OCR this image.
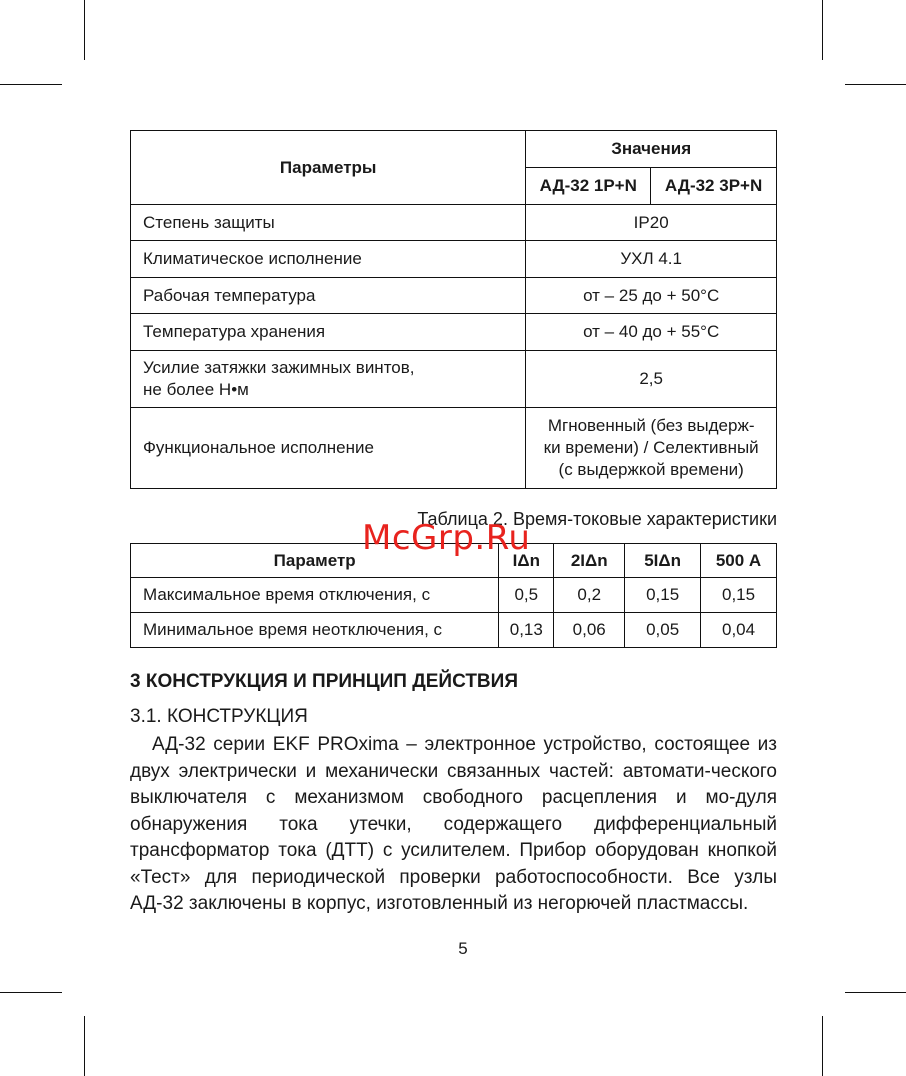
Параметры	Значения	
	АД-32 1Р+N	АД-32 3Р+N
Степень защиты	IP20	
Климатическое исполнение	УХЛ 4.1	
Рабочая температура	от – 25 до + 50°С	
Температура хранения	от – 40 до + 55°С	

Усилие затяжки зажимных винтов,
не более Н•м	2,5	
Функциональное исполнение	Мгновенный (без выдерж-
ки времени) / Селективный
(с выдержкой времени)	
Таблица 2. Время-токовые характеристики
Параметр	IΔn	2IΔn	5IΔn	500 А
Максимальное время отключения, с	0,5	0,2	0,15	0,15
Минимальное время неотключения, с	0,13	0,06	0,05	0,04
McGrp.Ru
3 КОНСТРУКЦИЯ И ПРИНЦИП ДЕЙСТВИЯ
3.1. КОНСТРУКЦИЯ

АД-32 серии EKF PROxima – электронное устройство, состоящее из двух электрически и механически связанных частей: автомати-ческого выключателя с механизмом свободного расцепления и мо-дуля обнаружения тока утечки, содержащего дифференциальный трансформатор тока (ДТТ) с усилителем. Прибор оборудован кнопкой «Тест» для периодической проверки работоспособности. Все узлы АД-32 заключены в корпус, изготовленный из негорючей пластмассы.

5
